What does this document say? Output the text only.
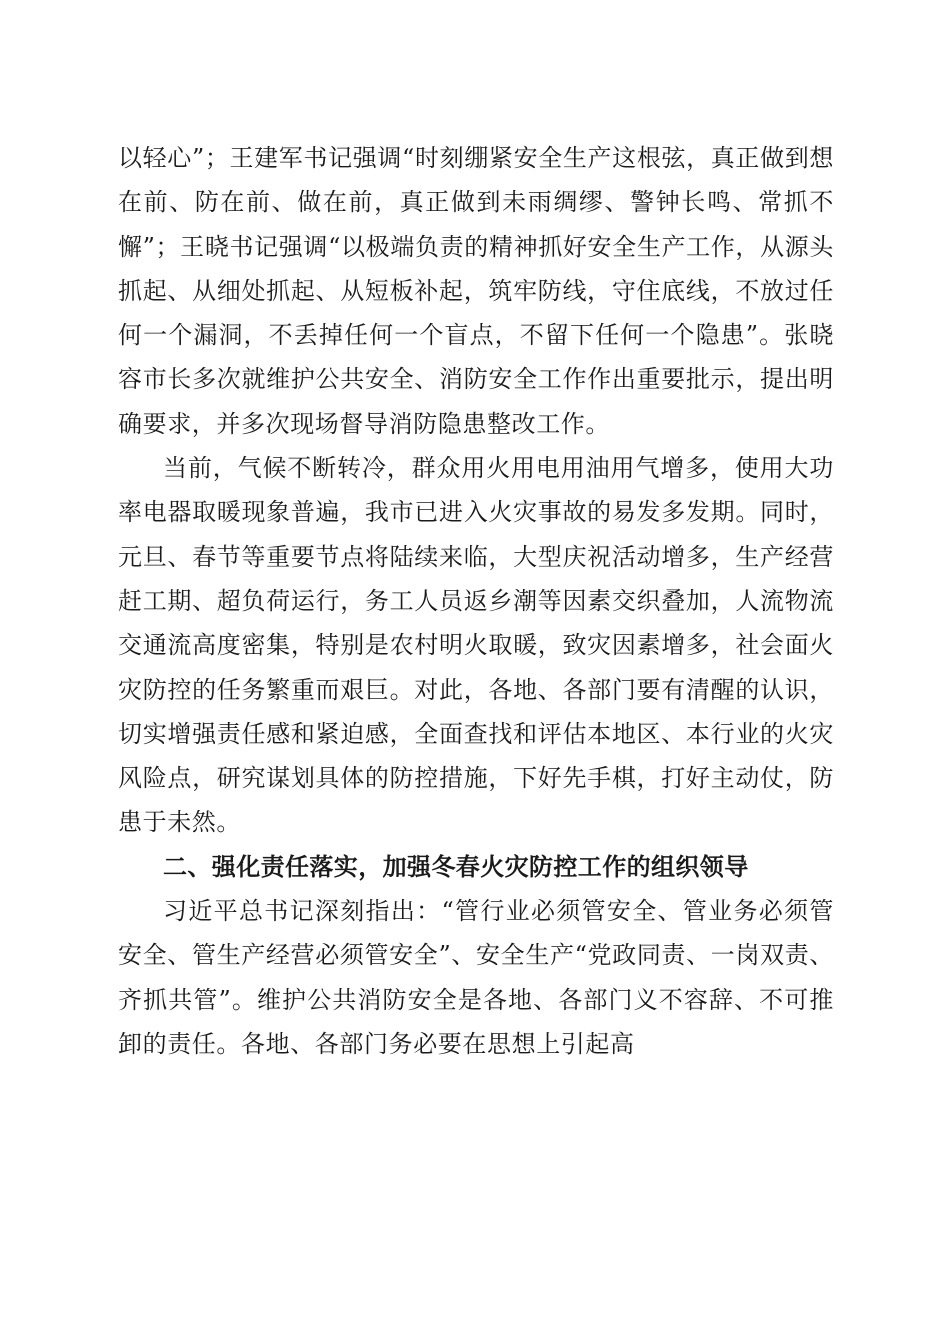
以轻心”；王建军书记强调“时刻绷紧安全生产这根弦，真正做到想在前、防在前、做在前，真正做到未雨绸缪、警钟长鸣、常抓不懈”；王晓书记强调“以极端负责的精神抓好安全生产工作，从源头抓起、从细处抓起、从短板补起，筑牢防线，守住底线，不放过任何一个漏洞，不丢掉任何一个盲点，不留下任何一个隐患”。张晓容市长多次就维护公共安全、消防安全工作作出重要批示，提出明确要求，并多次现场督导消防隐患整改工作。

当前，气候不断转冷，群众用火用电用油用气增多，使用大功率电器取暖现象普遍，我市已进入火灾事故的易发多发期。同时，元旦、春节等重要节点将陆续来临，大型庆祝活动增多，生产经营赶工期、超负荷运行，务工人员返乡潮等因素交织叠加，人流物流交通流高度密集，特别是农村明火取暖，致灾因素增多，社会面火灾防控的任务繁重而艰巨。对此，各地、各部门要有清醒的认识，切实增强责任感和紧迫感，全面查找和评估本地区、本行业的火灾风险点，研究谋划具体的防控措施，下好先手棋，打好主动仗，防患于未然。

二、强化责任落实，加强冬春火灾防控工作的组织领导

习近平总书记深刻指出：“管行业必须管安全、管业务必须管安全、管生产经营必须管安全”、安全生产“党政同责、一岗双责、齐抓共管”。维护公共消防安全是各地、各部门义不容辞、不可推卸的责任。各地、各部门务必要在思想上引起高
